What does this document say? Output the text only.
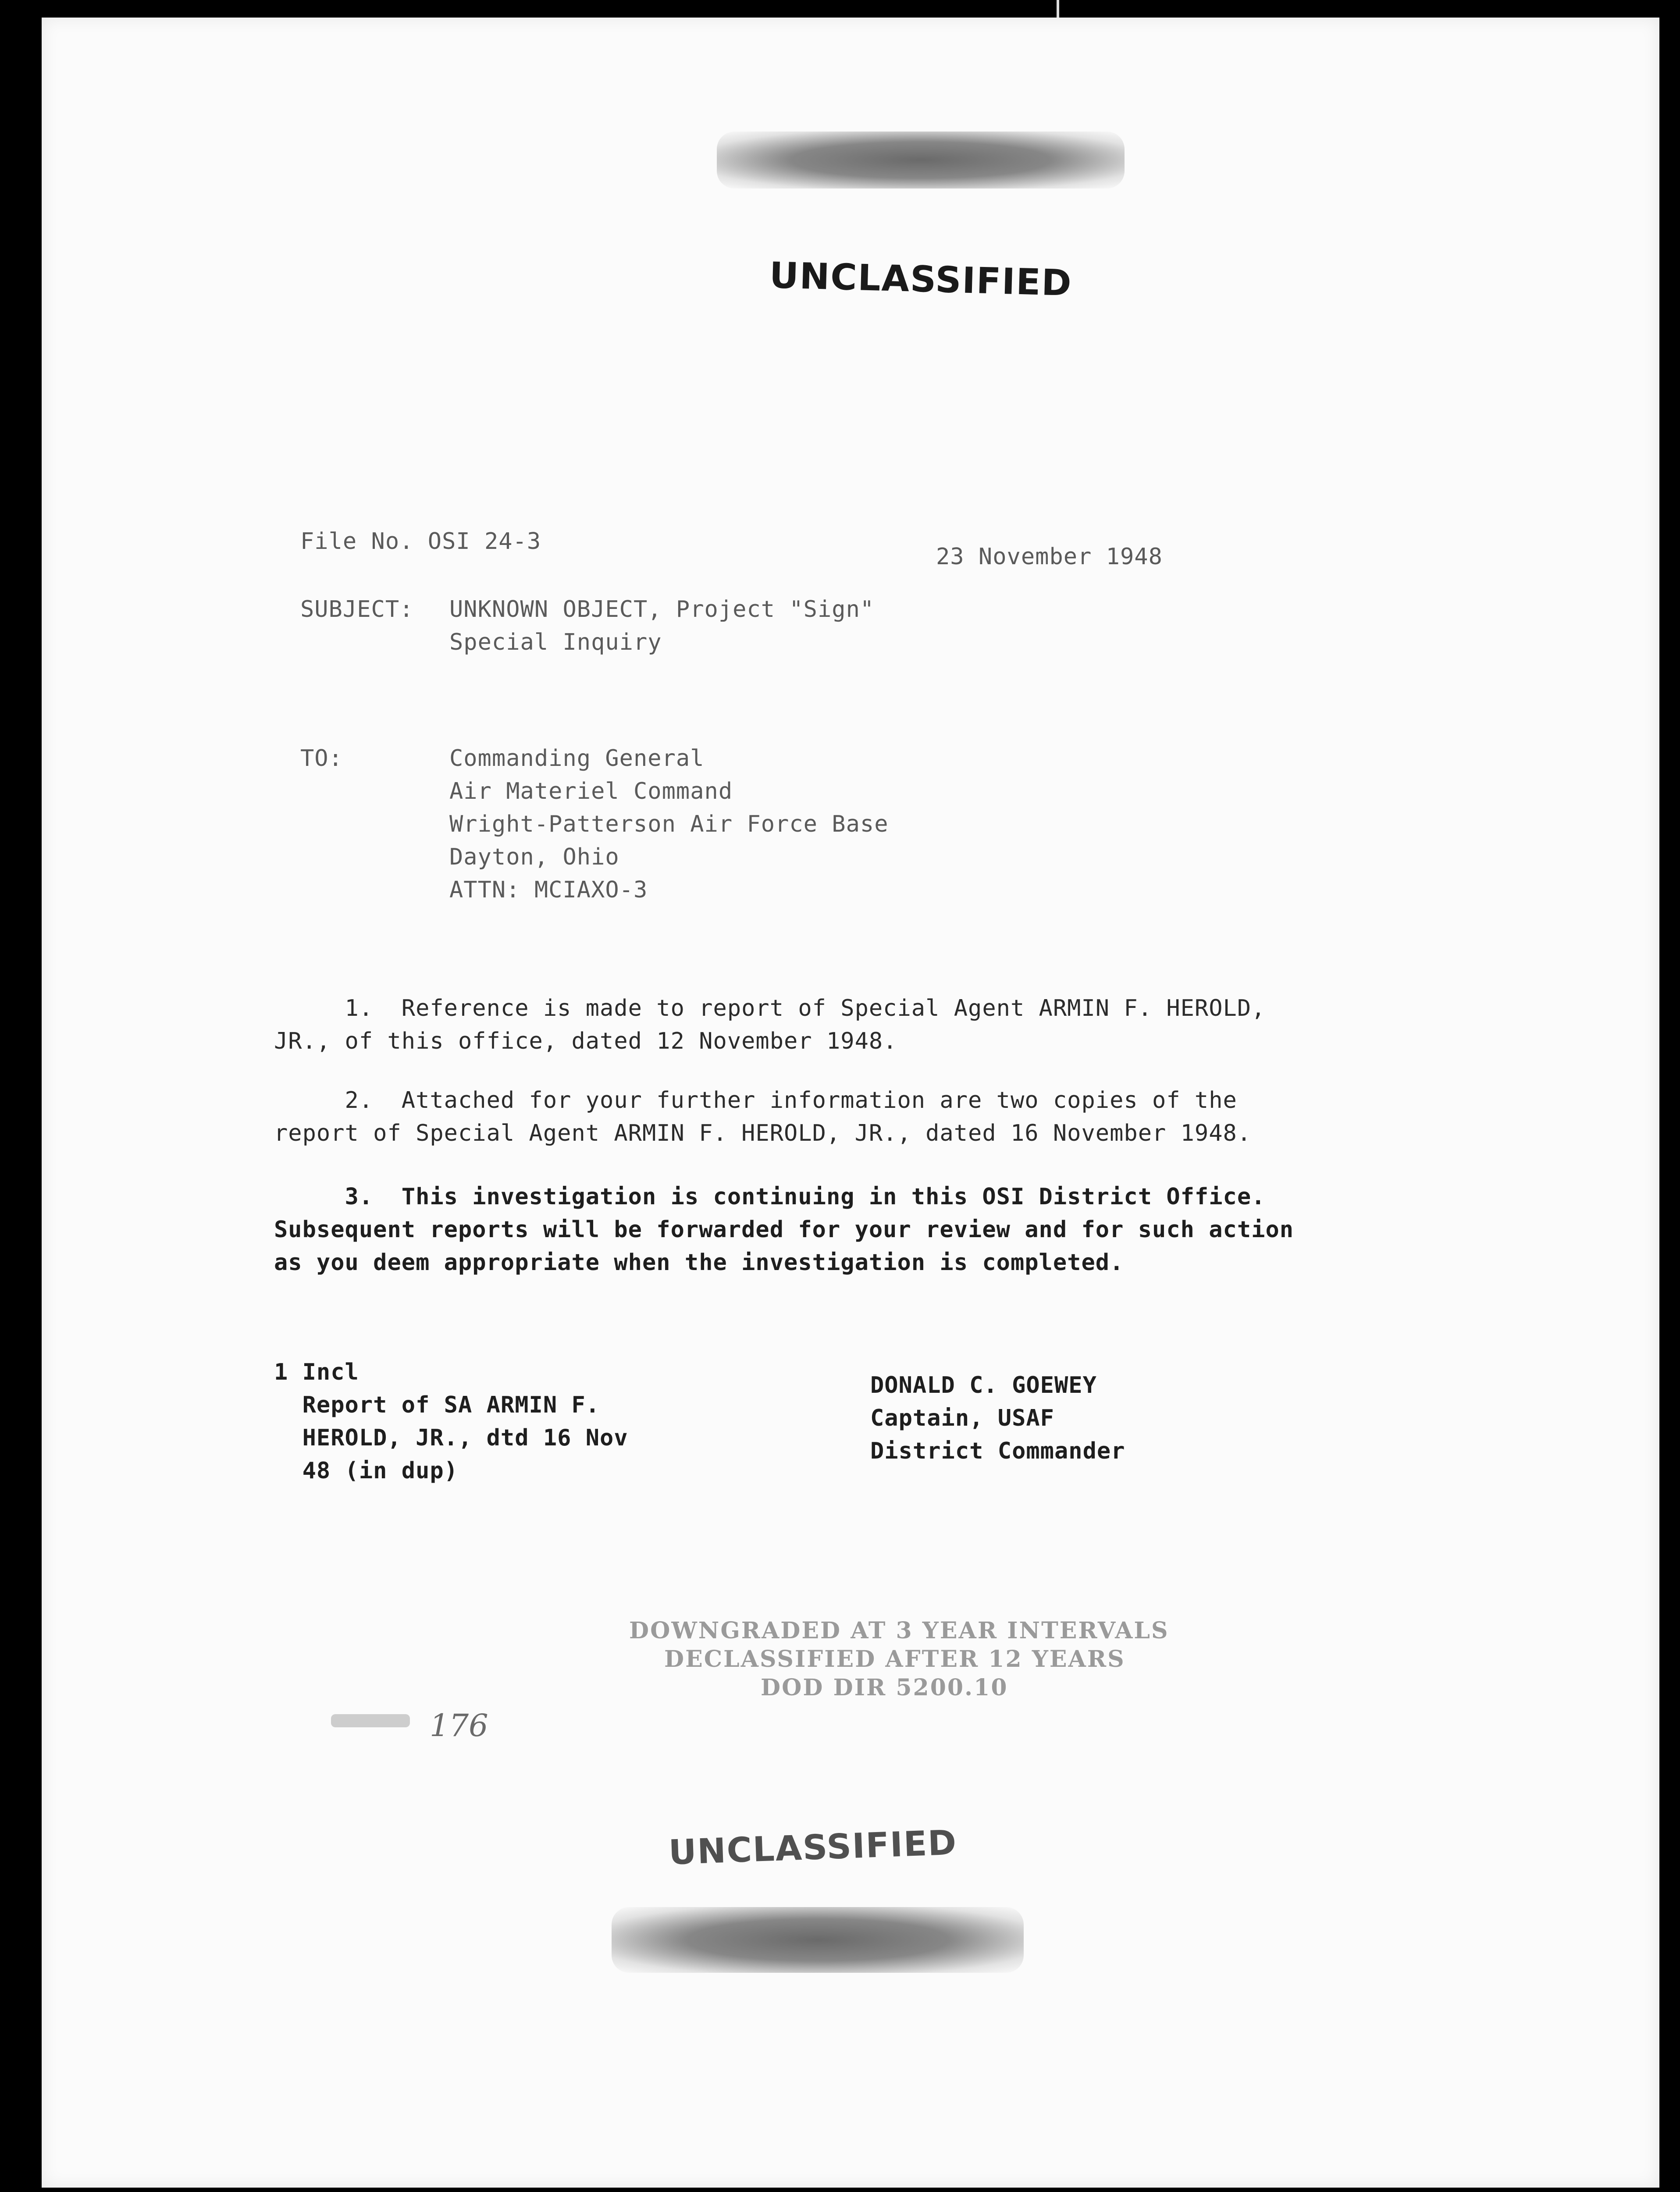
UNCLASSIFIED
File No. OSI 24-3
23 November 1948
SUBJECT: UNKNOWN OBJECT, Project "Sign"
Special Inquiry
TO:	Commanding General
Air Materiel Command
Wright-Patterson Air Force Base
Dayton, Ohio
ATTN: MCIAXO-3
1.  Reference is made to report of Special Agent ARMIN F. HEROLD,
JR., of this office, dated 12 November 1948.
2.  Attached for your further information are two copies of the
report of Special Agent ARMIN F. HEROLD, JR., dated 16 November 1948.
3.  This investigation is continuing in this OSI District Office.
Subsequent reports will be forwarded for your review and for such action
as you deem appropriate when the investigation is completed.
1 Incl
Report of SA ARMIN F.
HEROLD, JR., dtd 16 Nov
48 (in dup)
DONALD C. GOEWEY
Captain, USAF
District Commander
DOWNGRADED AT 3 YEAR INTERVALS
DECLASSIFIED AFTER 12 YEARS
DOD DIR 5200.10
176
UNCLASSIFIED
